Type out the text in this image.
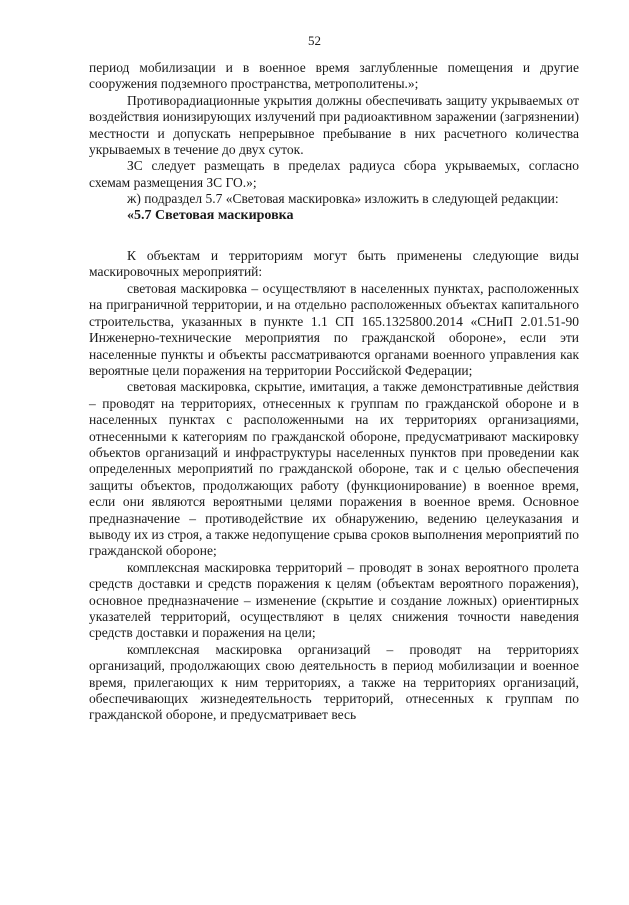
52

период мобилизации и в военное время заглубленные помещения и другие сооружения подземного пространства, метрополитены.»;

Противорадиационные укрытия должны обеспечивать защиту укрываемых от воздействия ионизирующих излучений при радиоактивном заражении (загрязнении) местности и допускать непрерывное пребывание в них расчетного количества укрываемых в течение до двух суток.

ЗС следует размещать в пределах радиуса сбора укрываемых, согласно схемам размещения ЗС ГО.»;

ж) подраздел 5.7 «Световая маскировка» изложить в следующей редакции:

«5.7 Световая маскировка

К объектам и территориям могут быть применены следующие виды маскировочных мероприятий:

световая маскировка – осуществляют в населенных пунктах, расположенных на приграничной территории, и на отдельно расположенных объектах капитального строительства, указанных в пункте 1.1 СП 165.1325800.2014 «СНиП 2.01.51-90 Инженерно-технические мероприятия по гражданской обороне», если эти населенные пункты и объекты рассматриваются органами военного управления как вероятные цели поражения на территории Российской Федерации;

световая маскировка, скрытие, имитация, а также демонстративные действия – проводят на территориях, отнесенных к группам по гражданской обороне и в населенных пунктах с расположенными на их территориях организациями, отнесенными к категориям по гражданской обороне, предусматривают маскировку объектов организаций и инфраструктуры населенных пунктов при проведении как определенных мероприятий по гражданской обороне, так и с целью обеспечения защиты объектов, продолжающих работу (функционирование) в военное время, если они являются вероятными целями поражения в военное время. Основное предназначение – противодействие их обнаружению, ведению целеуказания и выводу их из строя, а также недопущение срыва сроков выполнения мероприятий по гражданской обороне;

комплексная маскировка территорий – проводят в зонах вероятного пролета средств доставки и средств поражения к целям (объектам вероятного поражения), основное предназначение – изменение (скрытие и создание ложных) ориентирных указателей территорий, осуществляют в целях снижения точности наведения средств доставки и поражения на цели;

комплексная маскировка организаций – проводят на территориях организаций, продолжающих свою деятельность в период мобилизации и военное время, прилегающих к ним территориях, а также на территориях организаций, обеспечивающих жизнедеятельность территорий, отнесенных к группам по гражданской обороне, и предусматривает весь
